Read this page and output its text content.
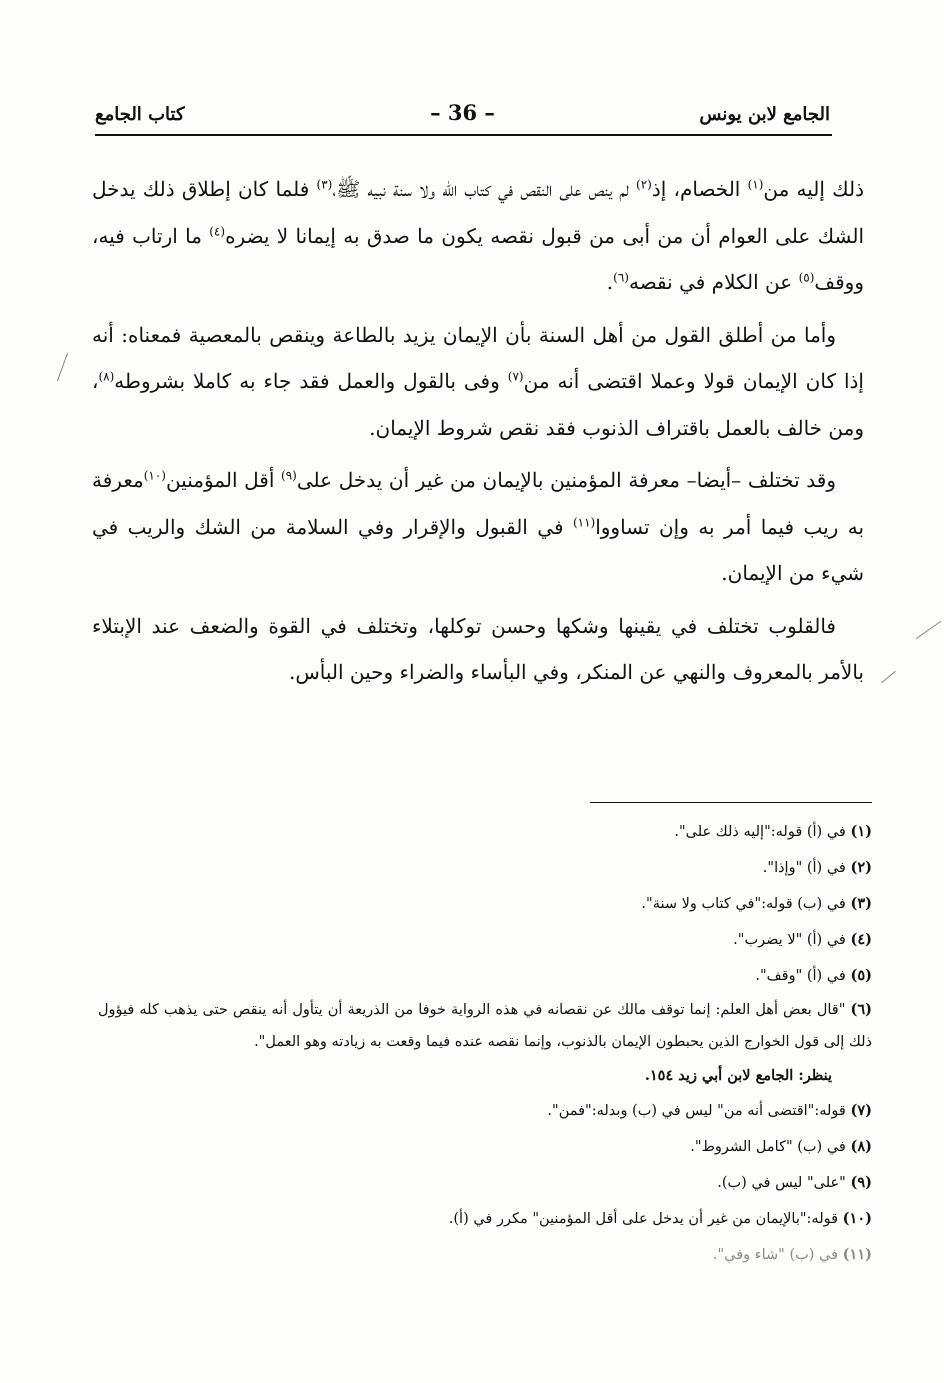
الجامع لابن يونس
– 36 –
كتاب الجامع

ذلك إليه من$^{(١)}$ الخصام، إذ$^{(٢)}$ لم ينص على النقص في كتاب الله ولا سنة نبيه ﷺ،$^{(٣)}$ فلما كان إطلاق ذلك يدخل الشك على العوام أن من أبى من قبول نقصه يكون ما صدق به إيمانا لا يضره$^{(٤)}$ ما ارتاب فيه، ووقف$^{(٥)}$ عن الكلام في نقصه$^{(٦)}$.

وأما من أطلق القول من أهل السنة بأن الإيمان يزيد بالطاعة وينقص بالمعصية فمعناه: أنه إذا كان الإيمان قولا وعملا اقتضى أنه من$^{(٧)}$ وفى بالقول والعمل فقد جاء به كاملا بشروطه$^{(٨)}$، ومن خالف بالعمل باقتراف الذنوب فقد نقص شروط الإيمان.

وقد تختلف –أيضا– معرفة المؤمنين بالإيمان من غير أن يدخل على$^{(٩)}$ أقل المؤمنين$^{(١٠)}$معرفة به ريب فيما أمر به وإن تساووا$^{(١١)}$ في القبول والإقرار وفي السلامة من الشك والريب في شيء من الإيمان.

فالقلوب تختلف في يقينها وشكها وحسن توكلها، وتختلف في القوة والضعف عند الإبتلاء بالأمر بالمعروف والنهي عن المنكر، وفي البأساء والضراء وحين البأس.

(١) في (أ) قوله:"إليه ذلك على".

(٢) في (أ) "وإذا".

(٣) في (ب) قوله:"في كتاب ولا سنة".

(٤) في (أ) "لا يضرب".

(٥) في (أ) "وقف".

(٦) "قال بعض أهل العلم: إنما توقف مالك عن نقصانه في هذه الرواية خوفا من الذريعة أن يتأول أنه ينقص حتى يذهب كله فيؤول ذلك إلى قول الخوارج الذين يحبطون الإيمان بالذنوب، وإنما نقصه عنده فيما وقعت به زيادته وهو العمل".

ينظر: الجامع لابن أبي زيد ١٥٤.

(٧) قوله:"اقتضى أنه من" ليس في (ب) وبدله:"فمن".

(٨) في (ب) "كامل الشروط".

(٩) "على" ليس في (ب).

(١٠) قوله:"بالإيمان من غير أن يدخل على أقل المؤمنين" مكرر في (أ).

(١١) في (ب) "شاء وفي".
